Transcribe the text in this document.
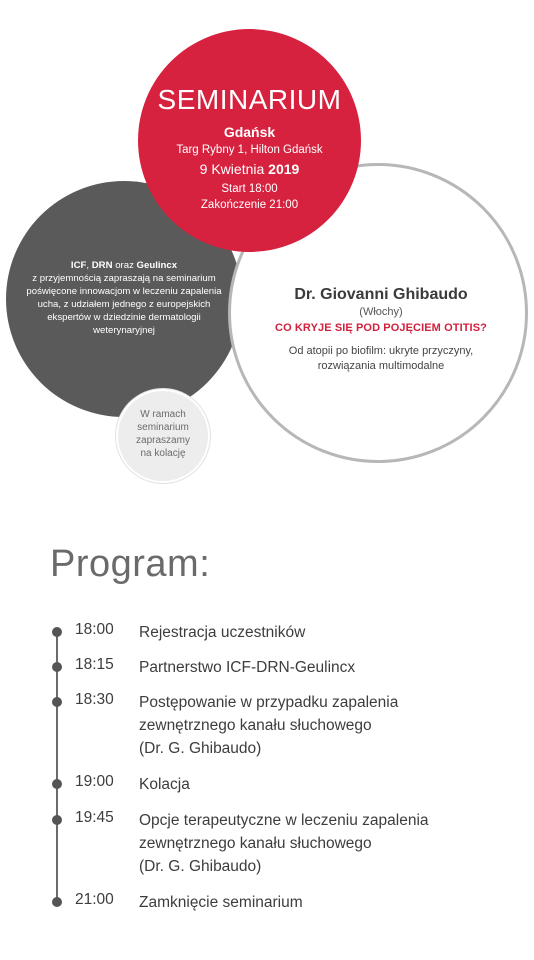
ICF, DRN oraz Geulincx
z przyjemnością zapraszają na seminarium poświęcone innowacjom w leczeniu zapalenia ucha, z udziałem jednego z europejskich ekspertów w dziedzinie dermatologii weterynaryjnej
Dr. Giovanni Ghibaudo
(Włochy)
CO KRYJE SIĘ POD POJĘCIEM OTITIS?
Od atopii po biofilm: ukryte przyczyny,
rozwiązania multimodalne
SEMINARIUM
Gdańsk
Targ Rybny 1, Hilton Gdańsk
9 Kwietnia 2019
Start 18:00
Zakończenie 21:00
W ramach
seminarium
zapraszamy
na kolację
Program:
18:00 Rejestracja uczestników
18:15 Partnerstwo ICF-DRN-Geulincx
18:30 Postępowanie w przypadku zapalenia
zewnętrznego kanału słuchowego
(Dr. G. Ghibaudo)
19:00 Kolacja
19:45 Opcje terapeutyczne w leczeniu zapalenia
zewnętrznego kanału słuchowego
(Dr. G. Ghibaudo)
21:00 Zamknięcie seminarium
